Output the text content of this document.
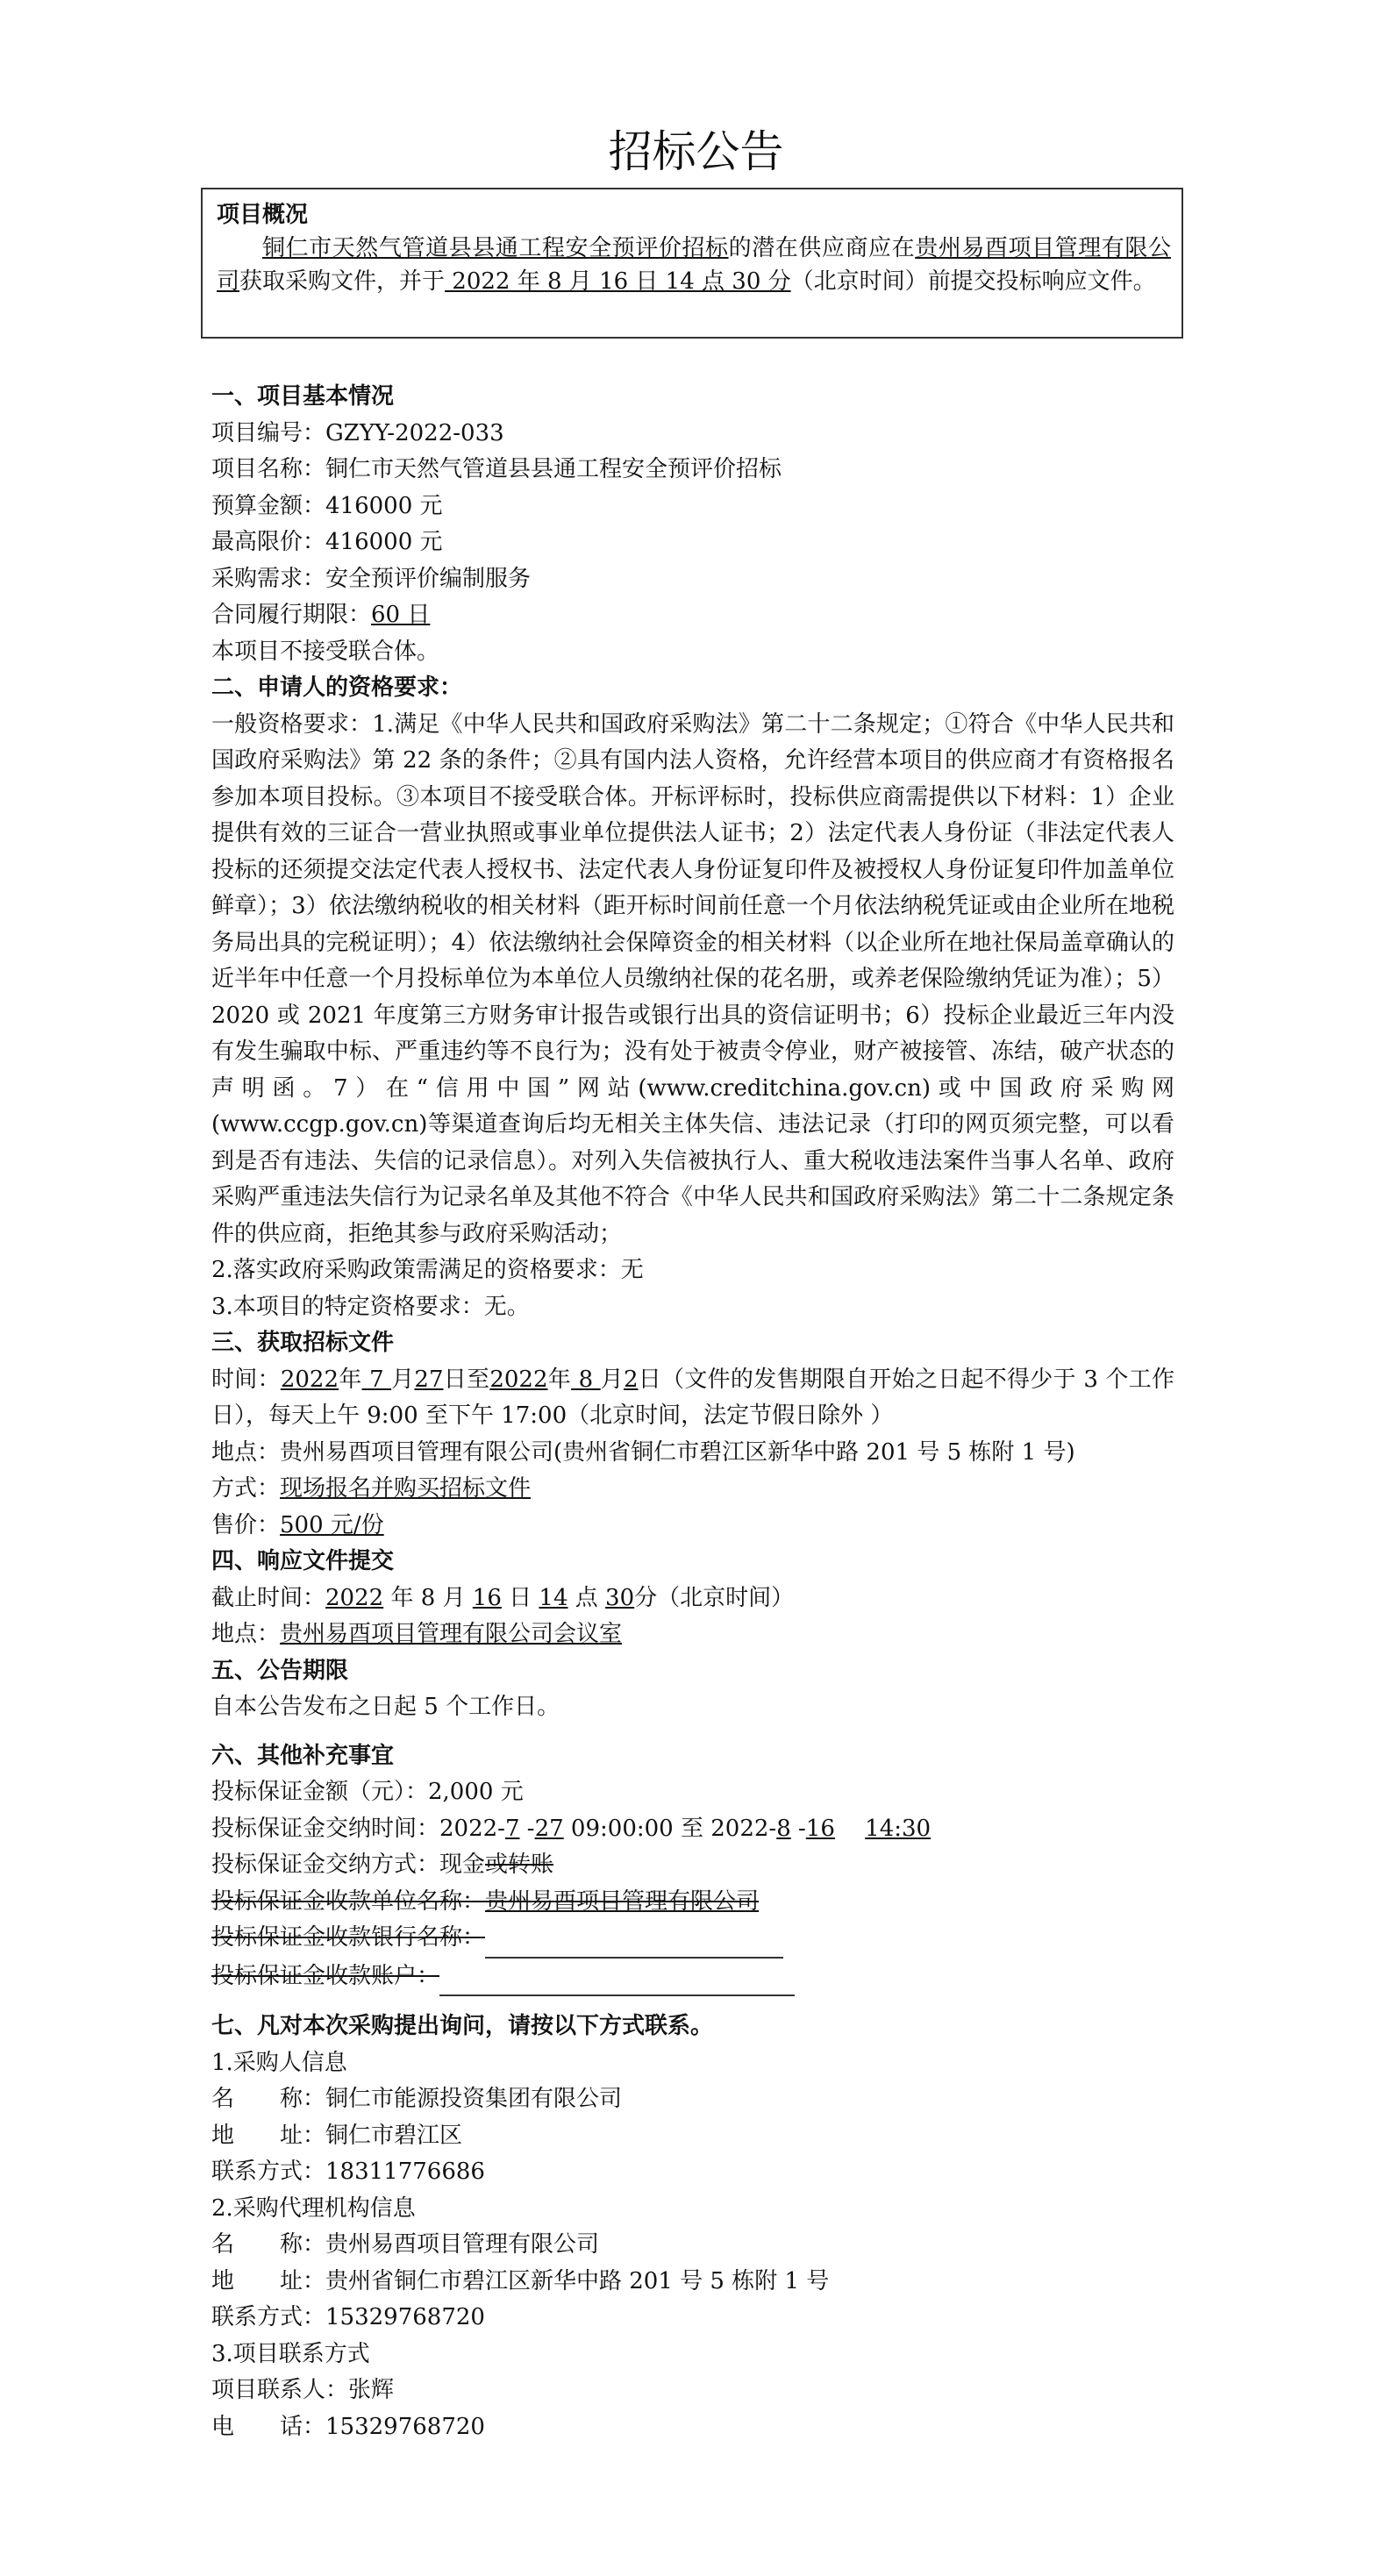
招标公告
项目概况

铜仁市天然气管道县县通工程安全预评价招标的潜在供应商应在贵州易酉项目管理有限公司获取采购文件，并于 2022 年 8 月 16 日 14 点 30 分（北京时间）前提交投标响应文件。

一、项目基本情况

项目编号：GZYY-2022-033

项目名称：铜仁市天然气管道县县通工程安全预评价招标

预算金额：416000 元

最高限价：416000 元

采购需求：安全预评价编制服务

合同履行期限：60 日

本项目不接受联合体。

二、申请人的资格要求：

一般资格要求：1.满足《中华人民共和国政府采购法》第二十二条规定；①符合《中华人民共和国政府采购法》第 22 条的条件；②具有国内法人资格，允许经营本项目的供应商才有资格报名参加本项目投标。③本项目不接受联合体。开标评标时，投标供应商需提供以下材料：1）企业提供有效的三证合一营业执照或事业单位提供法人证书；2）法定代表人身份证（非法定代表人投标的还须提交法定代表人授权书、法定代表人身份证复印件及被授权人身份证复印件加盖单位鲜章）；3）依法缴纳税收的相关材料（距开标时间前任意一个月依法纳税凭证或由企业所在地税务局出具的完税证明）；4）依法缴纳社会保障资金的相关材料（以企业所在地社保局盖章确认的近半年中任意一个月投标单位为本单位人员缴纳社保的花名册，或养老保险缴纳凭证为准）；5）2020 或 2021 年度第三方财务审计报告或银行出具的资信证明书；6）投标企业最近三年内没有发生骗取中标、严重违约等不良行为；没有处于被责令停业，财产被接管、冻结，破产状态的声明函。7）在“信用中国”网站(www.creditchina.gov.cn)或中国政府采购网(www.ccgp.gov.cn)等渠道查询后均无相关主体失信、违法记录（打印的网页须完整，可以看到是否有违法、失信的记录信息）。对列入失信被执行人、重大税收违法案件当事人名单、政府采购严重违法失信行为记录名单及其他不符合《中华人民共和国政府采购法》第二十二条规定条件的供应商，拒绝其参与政府采购活动；

2.落实政府采购政策需满足的资格要求：无

3.本项目的特定资格要求：无。

三、获取招标文件

时间：2022年 7 月27日至2022年 8 月2日（文件的发售期限自开始之日起不得少于 3 个工作日），每天上午 9:00 至下午 17:00（北京时间，法定节假日除外 ）

地点：贵州易酉项目管理有限公司(贵州省铜仁市碧江区新华中路 201 号 5 栋附 1 号)

方式：现场报名并购买招标文件

售价：500 元/份

四、响应文件提交

截止时间：2022 年 8 月 16 日 14 点 30分（北京时间）

地点：贵州易酉项目管理有限公司会议室

五、公告期限

自本公告发布之日起 5 个工作日。

六、其他补充事宜

投标保证金额（元）：2,000 元

投标保证金交纳时间：2022-7 -27 09:00:00 至 2022-8 -16　 14:30

投标保证金交纳方式：现金或转账

投标保证金收款单位名称：贵州易酉项目管理有限公司

投标保证金收款银行名称：

投标保证金收款账户：

七、凡对本次采购提出询问，请按以下方式联系。

1.采购人信息

名　　称：铜仁市能源投资集团有限公司

地　　址：铜仁市碧江区

联系方式：18311776686

2.采购代理机构信息

名　　称：贵州易酉项目管理有限公司

地　　址：贵州省铜仁市碧江区新华中路 201 号 5 栋附 1 号

联系方式：15329768720

3.项目联系方式

项目联系人：张辉

电　　话：15329768720
